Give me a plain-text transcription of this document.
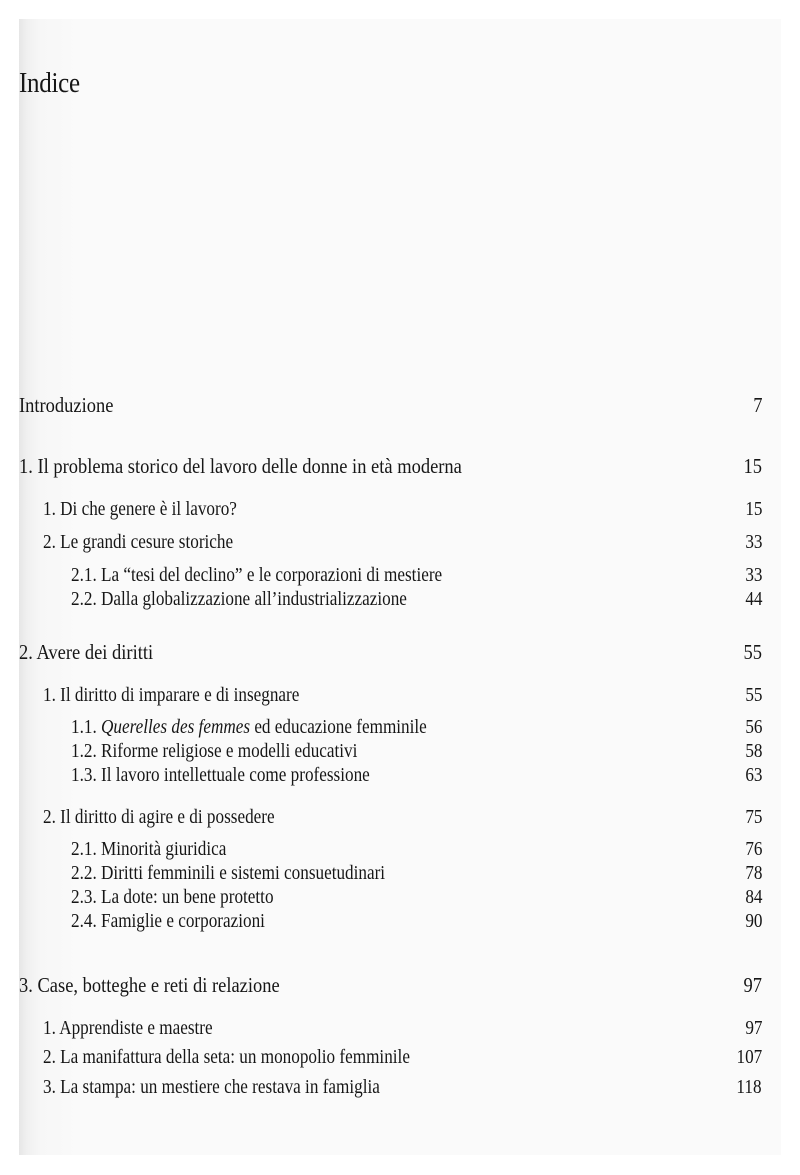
Indice
Introduzione	7
1. Il problema storico del lavoro delle donne in età moderna	15
1. Di che genere è il lavoro?	15
2. Le grandi cesure storiche	33
2.1. La “tesi del declino” e le corporazioni di mestiere	33
2.2. Dalla globalizzazione all’industrializzazione	44
2. Avere dei diritti	55
1. Il diritto di imparare e di insegnare	55
1.1. Querelles des femmes ed educazione femminile	56
1.2. Riforme religiose e modelli educativi	58
1.3. Il lavoro intellettuale come professione	63
2. Il diritto di agire e di possedere	75
2.1. Minorità giuridica	76
2.2. Diritti femminili e sistemi consuetudinari	78
2.3. La dote: un bene protetto	84
2.4. Famiglie e corporazioni	90
3. Case, botteghe e reti di relazione	97
1. Apprendiste e maestre	97
2. La manifattura della seta: un monopolio femminile	107
3. La stampa: un mestiere che restava in famiglia	118
